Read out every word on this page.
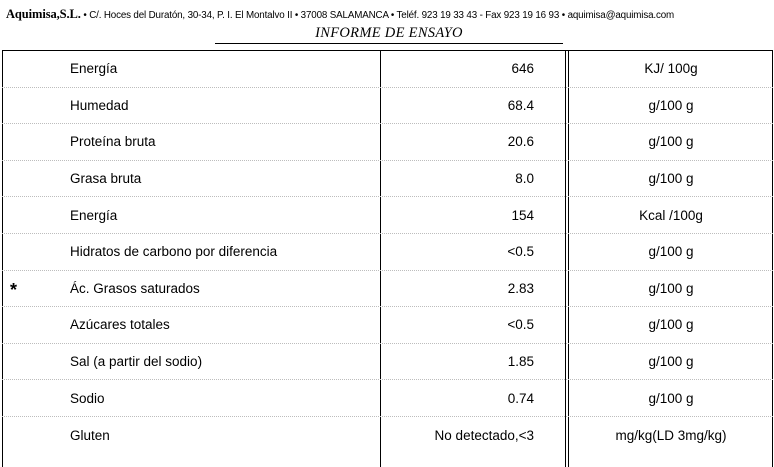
Aquimisa,S.L. • C/. Hoces del Duratón, 30-34, P. I. El Montalvo II • 37008 SALAMANCA • Teléf. 923 19 33 43 - Fax 923 19 16 93 • aquimisa@aquimisa.com
INFORME DE ENSAYO
Energía	646	KJ/ 100g
Humedad	68.4	g/100 g
Proteína bruta	20.6	g/100 g
Grasa bruta	8.0	g/100 g
Energía	154	Kcal /100g
Hidratos de carbono por diferencia	<0.5	g/100 g
*	Ác. Grasos saturados	2.83	g/100 g
Azúcares totales	<0.5	g/100 g
Sal (a partir del sodio)	1.85	g/100 g
Sodio	0.74	g/100 g
Gluten	No detectado,<3	mg/kg(LD 3mg/kg)
